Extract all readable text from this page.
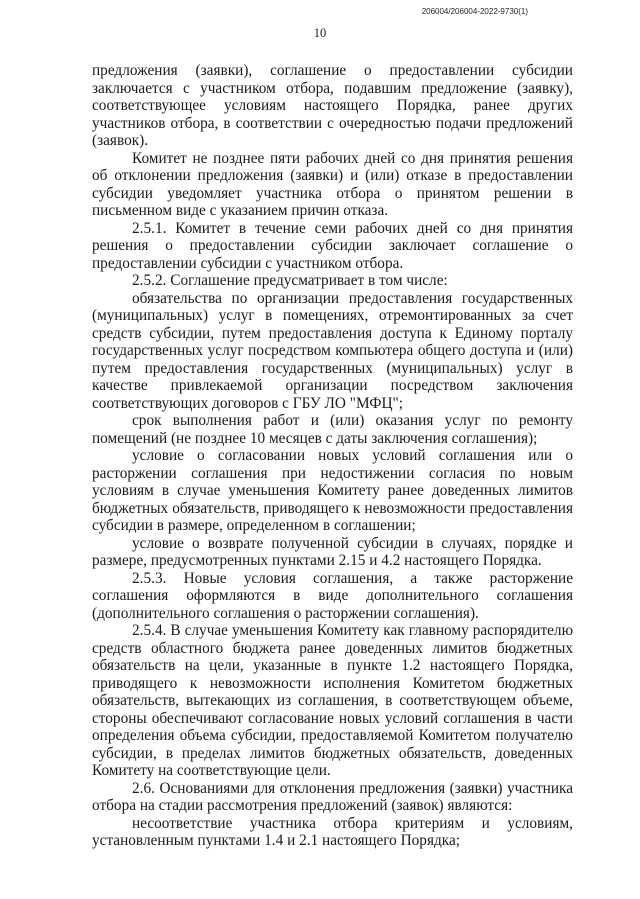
206004/206004-2022-9730(1)
10

предложения (заявки), соглашение о предоставлении субсидии заключается с участником отбора, подавшим предложение (заявку), соответствующее условиям настоящего Порядка, ранее других участников отбора, в соответствии с очередностью подачи предложений (заявок).

Комитет не позднее пяти рабочих дней со дня принятия решения об отклонении предложения (заявки) и (или) отказе в предоставлении субсидии уведомляет участника отбора о принятом решении в письменном виде с указанием причин отказа.

2.5.1. Комитет в течение семи рабочих дней со дня принятия решения о предоставлении субсидии заключает соглашение о предоставлении субсидии с участником отбора.

2.5.2. Соглашение предусматривает в том числе:

обязательства по организации предоставления государственных (муниципальных) услуг в помещениях, отремонтированных за счет средств субсидии, путем предоставления доступа к Единому порталу государственных услуг посредством компьютера общего доступа и (или) путем предоставления государственных (муниципальных) услуг в качестве привлекаемой организации посредством заключения соответствующих договоров с ГБУ ЛО "МФЦ";

срок выполнения работ и (или) оказания услуг по ремонту помещений (не позднее 10 месяцев с даты заключения соглашения);

условие о согласовании новых условий соглашения или о расторжении соглашения при недостижении согласия по новым условиям в случае уменьшения Комитету ранее доведенных лимитов бюджетных обязательств, приводящего к невозможности предоставления субсидии в размере, определенном в соглашении;

условие о возврате полученной субсидии в случаях, порядке и размере, предусмотренных пунктами 2.15 и 4.2 настоящего Порядка.

2.5.3. Новые условия соглашения, а также расторжение соглашения оформляются в виде дополнительного соглашения (дополнительного соглашения о расторжении соглашения).

2.5.4. В случае уменьшения Комитету как главному распорядителю средств областного бюджета ранее доведенных лимитов бюджетных обязательств на цели, указанные в пункте 1.2 настоящего Порядка, приводящего к невозможности исполнения Комитетом бюджетных обязательств, вытекающих из соглашения, в соответствующем объеме, стороны обеспечивают согласование новых условий соглашения в части определения объема субсидии, предоставляемой Комитетом получателю субсидии, в пределах лимитов бюджетных обязательств, доведенных Комитету на соответствующие цели.

2.6. Основаниями для отклонения предложения (заявки) участника отбора на стадии рассмотрения предложений (заявок) являются:

несоответствие участника отбора критериям и условиям, установленным пунктами 1.4 и 2.1 настоящего Порядка;
